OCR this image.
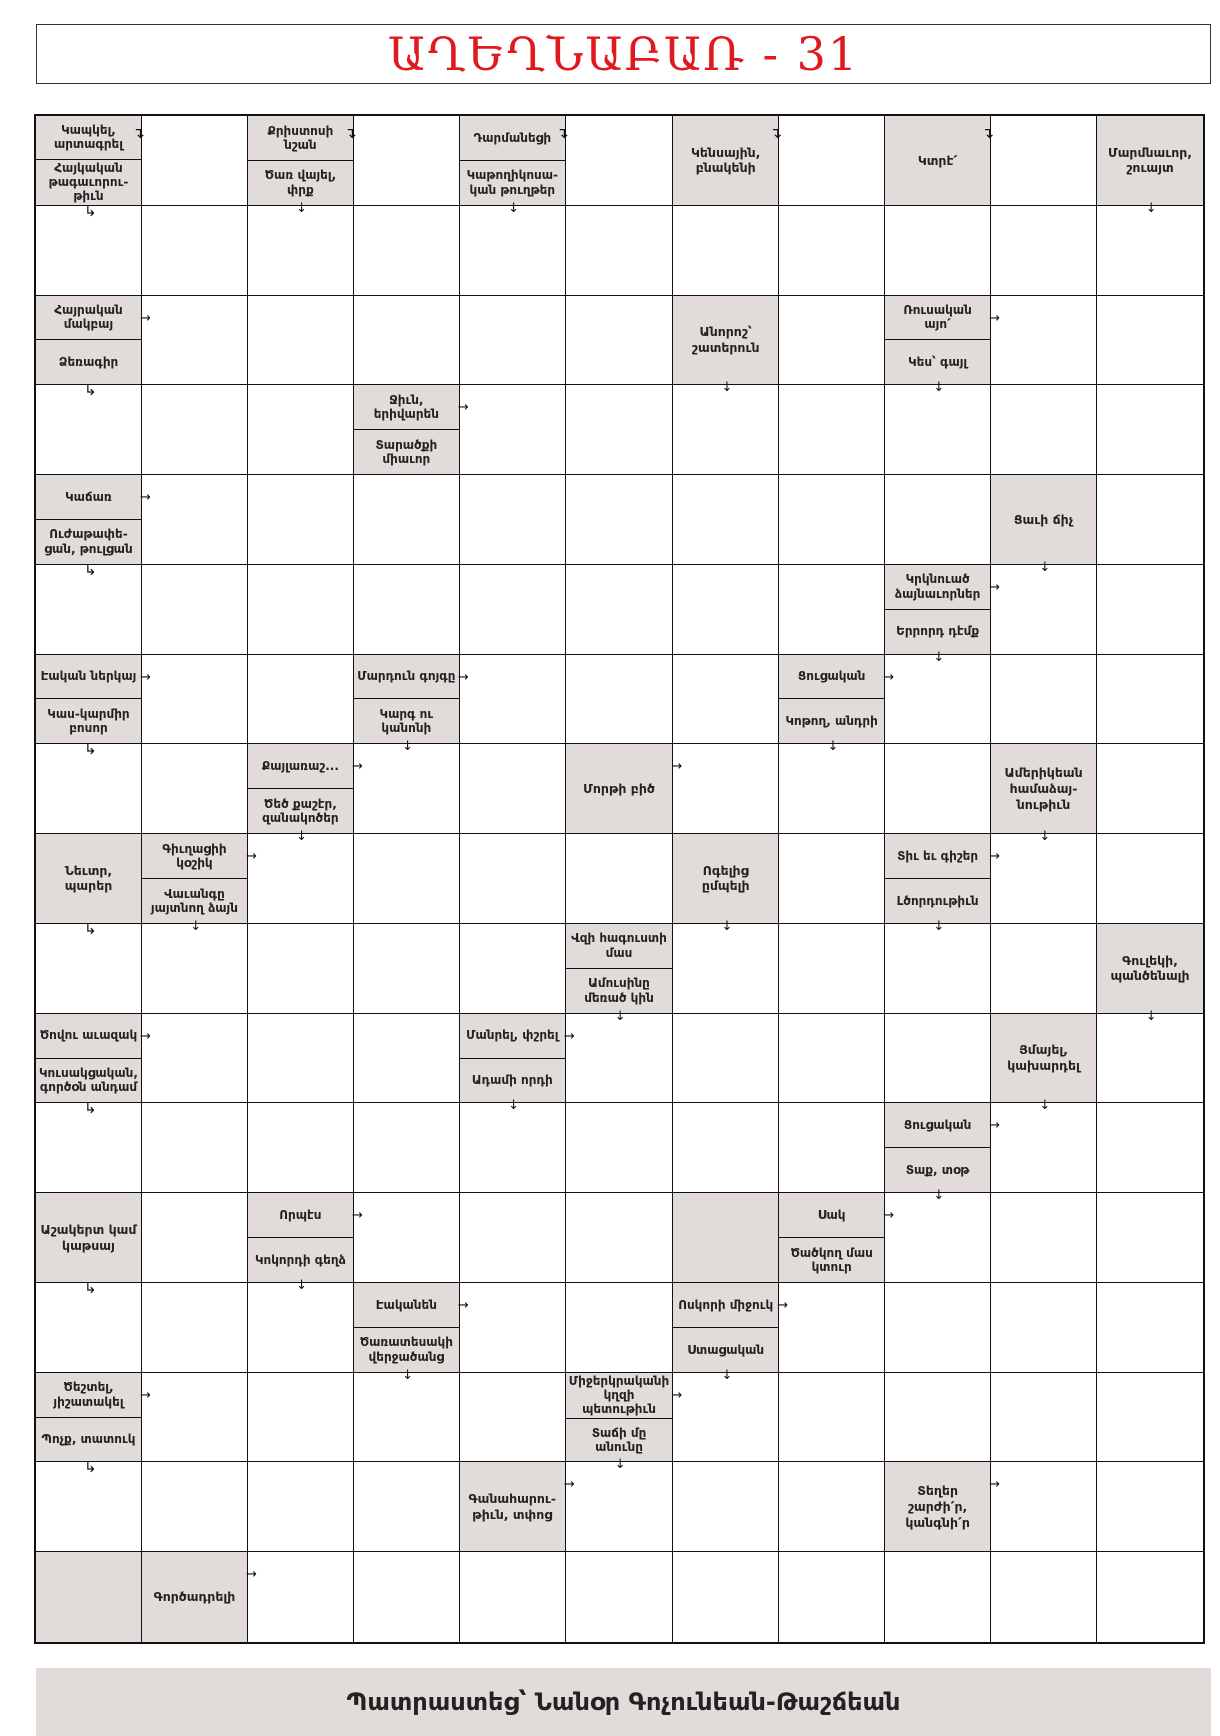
ԱՂԵՂՆԱԲԱՌ - 31
Կապկել, արտագրել
Հայկական թագաւորութիւն
↴
↳
Քրիստոսի նշան
Ծառ վայել, փրք
↴
↓
Դարմանեցի
Կաթողիկոսական թուղթեր
↴
↓
Կենսային, բնակենի
↴
Կտրէ՛
↴
Մարմնաւոր, շուայտ
↓
Հայրական մակբայ
Ձեռագիր
→
↳
Անորոշ՝ շատերուն
↓
Ռուսական այո՛
Կես՝ գայլ
→
↓
Ջիւն, երիվարեն
Տարածքի միաւոր
→
Կաճառ
Ուժաթափեցան, թուլցան
→
↳
Ցաւի ճիչ
↓
Կրկնուած ձայնաւորներ
Երրորդ դէմք
→
↓
Էական ներկայ
Կաս-կարմիր բոսոր
→
↳
Մարդուն գոյգը
Կարգ ու կանոնի
→
↓
Ցուցական
Կոթող, անդրի
→
↓
Քայլառաշ...
Ծեծ քաշէր, զանակոծեր
→
↓
Մորթի բիծ
→	Ամերիկեան համաձայնութիւն
↓
Նեւտր, պարեր
↳
Գիւղացիի կօշիկ
Վաւանգը յայտնող ձայն
→
↓
Ոգելից ըմպելի
↓
Տիւ եւ գիշեր
Լծորդութիւն
→
↓
Վզի հագուստի մաս
Ամուսինը մեռած կին
↓
Գուլեկի, պանծենալի
↓
Ծովու աւազակ
Կուսակցական, գործօն անդամ
→
↳
Մանրել, փշրել
Ադամի որդի
→
↓
Յմայել, կախարդել
↓
Ցուցական
Տաք, տօթ
→
↓
Աշակերտ կամ կաթսայ
↳
Որպէս
Կոկորդի գեղձ
→
↓
Սակ
Ծածկող մաս կտուր
→
Էականեն
Ծառատեսակի վերջածանց
→
↓
Ոսկորի միջուկ
Ստացական
→
↓
Ծեշտել, յիշատակել
Պոչք, տատուկ
→
↳
Միջերկրականի կղզի պետութիւն
Տաճի մը անունը
→
↓
Գանահարութիւն, տփոց
→	Տեղեր շարժի՛ր, կանգնի՛ր
→
Գործադրելի
→
Պատրաստեց՝ Նանօր Գոչունեան-Թաշճեան
